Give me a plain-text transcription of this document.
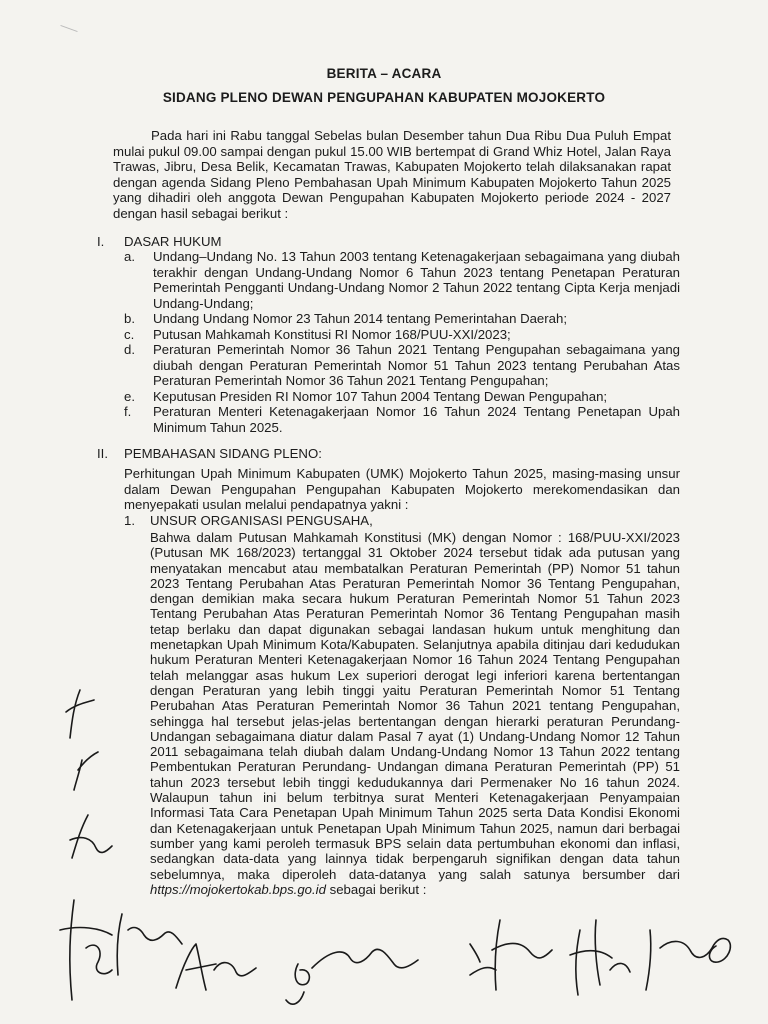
BERITA – ACARA
SIDANG PLENO DEWAN PENGUPAHAN KABUPATEN MOJOKERTO
Pada hari ini Rabu tanggal Sebelas bulan Desember tahun Dua Ribu Dua Puluh Empat mulai pukul 09.00 sampai dengan pukul 15.00 WIB bertempat di Grand Whiz Hotel, Jalan Raya Trawas, Jibru, Desa Belik, Kecamatan Trawas, Kabupaten Mojokerto telah dilaksanakan rapat dengan agenda Sidang Pleno Pembahasan Upah Minimum Kabupaten Mojokerto Tahun 2025 yang dihadiri oleh anggota Dewan Pengupahan Kabupaten Mojokerto periode 2024 - 2027 dengan hasil sebagai berikut :
I. DASAR HUKUM
a. Undang–Undang No. 13 Tahun 2003 tentang Ketenagakerjaan sebagaimana yang diubah terakhir dengan Undang-Undang Nomor 6 Tahun 2023 tentang Penetapan Peraturan Pemerintah Pengganti Undang-Undang Nomor 2 Tahun 2022 tentang Cipta Kerja menjadi Undang-Undang;
b. Undang Undang Nomor 23 Tahun 2014 tentang Pemerintahan Daerah;
c. Putusan Mahkamah Konstitusi RI Nomor 168/PUU-XXI/2023;
d. Peraturan Pemerintah Nomor 36 Tahun 2021 Tentang Pengupahan sebagaimana yang diubah dengan Peraturan Pemerintah Nomor 51 Tahun 2023 tentang Perubahan Atas Peraturan Pemerintah Nomor 36 Tahun 2021 Tentang Pengupahan;
e. Keputusan Presiden RI Nomor 107 Tahun 2004 Tentang Dewan Pengupahan;
f. Peraturan Menteri Ketenagakerjaan Nomor 16 Tahun 2024 Tentang Penetapan Upah Minimum Tahun 2025.
II. PEMBAHASAN SIDANG PLENO:
Perhitungan Upah Minimum Kabupaten (UMK) Mojokerto Tahun 2025, masing-masing unsur dalam Dewan Pengupahan Pengupahan Kabupaten Mojokerto merekomendasikan dan menyepakati usulan melalui pendapatnya yakni :
1. UNSUR ORGANISASI PENGUSAHA,
Bahwa dalam Putusan Mahkamah Konstitusi (MK) dengan Nomor : 168/PUU-XXI/2023 (Putusan MK 168/2023) tertanggal 31 Oktober 2024 tersebut tidak ada putusan yang menyatakan mencabut atau membatalkan Peraturan Pemerintah (PP) Nomor 51 tahun 2023 Tentang Perubahan Atas Peraturan Pemerintah Nomor 36 Tentang Pengupahan, dengan demikian maka secara hukum Peraturan Pemerintah Nomor 51 Tahun 2023 Tentang Perubahan Atas Peraturan Pemerintah Nomor 36 Tentang Pengupahan masih tetap berlaku dan dapat digunakan sebagai landasan hukum untuk menghitung dan menetapkan Upah Minimum Kota/Kabupaten. Selanjutnya apabila ditinjau dari kedudukan hukum Peraturan Menteri Ketenagakerjaan Nomor 16 Tahun 2024 Tentang Pengupahan telah melanggar asas hukum Lex superiori derogat legi inferiori karena bertentangan dengan Peraturan yang lebih tinggi yaitu Peraturan Pemerintah Nomor 51 Tentang Perubahan Atas Peraturan Pemerintah Nomor 36 Tahun 2021 tentang Pengupahan, sehingga hal tersebut jelas-jelas bertentangan dengan hierarki peraturan Perundang- Undangan sebagaimana diatur dalam Pasal 7 ayat (1) Undang-Undang Nomor 12 Tahun 2011 sebagaimana telah diubah dalam Undang-Undang Nomor 13 Tahun 2022 tentang Pembentukan Peraturan Perundang- Undangan dimana Peraturan Pemerintah (PP) 51 tahun 2023 tersebut lebih tinggi kedudukannya dari Permenaker No 16 tahun 2024. Walaupun tahun ini belum terbitnya surat Menteri Ketenagakerjaan Penyampaian Informasi Tata Cara Penetapan Upah Minimum Tahun 2025 serta Data Kondisi Ekonomi dan Ketenagakerjaan untuk Penetapan Upah Minimum Tahun 2025, namun dari berbagai sumber yang kami peroleh termasuk BPS selain data pertumbuhan ekonomi dan inflasi, sedangkan data-data yang lainnya tidak berpengaruh signifikan dengan data tahun sebelumnya, maka diperoleh data-datanya yang salah satunya bersumber dari https://mojokertokab.bps.go.id sebagai berikut :
